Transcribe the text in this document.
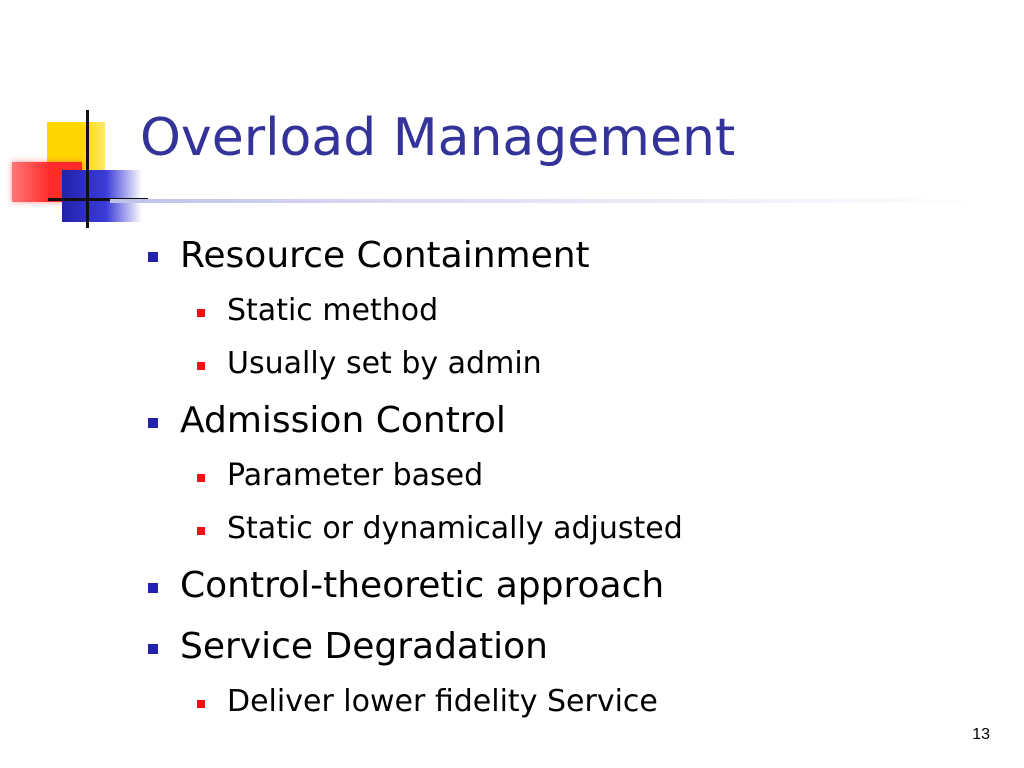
Overload Management
Resource Containment
Static method
Usually set by admin
Admission Control
Parameter based
Static or dynamically adjusted
Control-theoretic approach
Service Degradation
Deliver lower fidelity Service
13
